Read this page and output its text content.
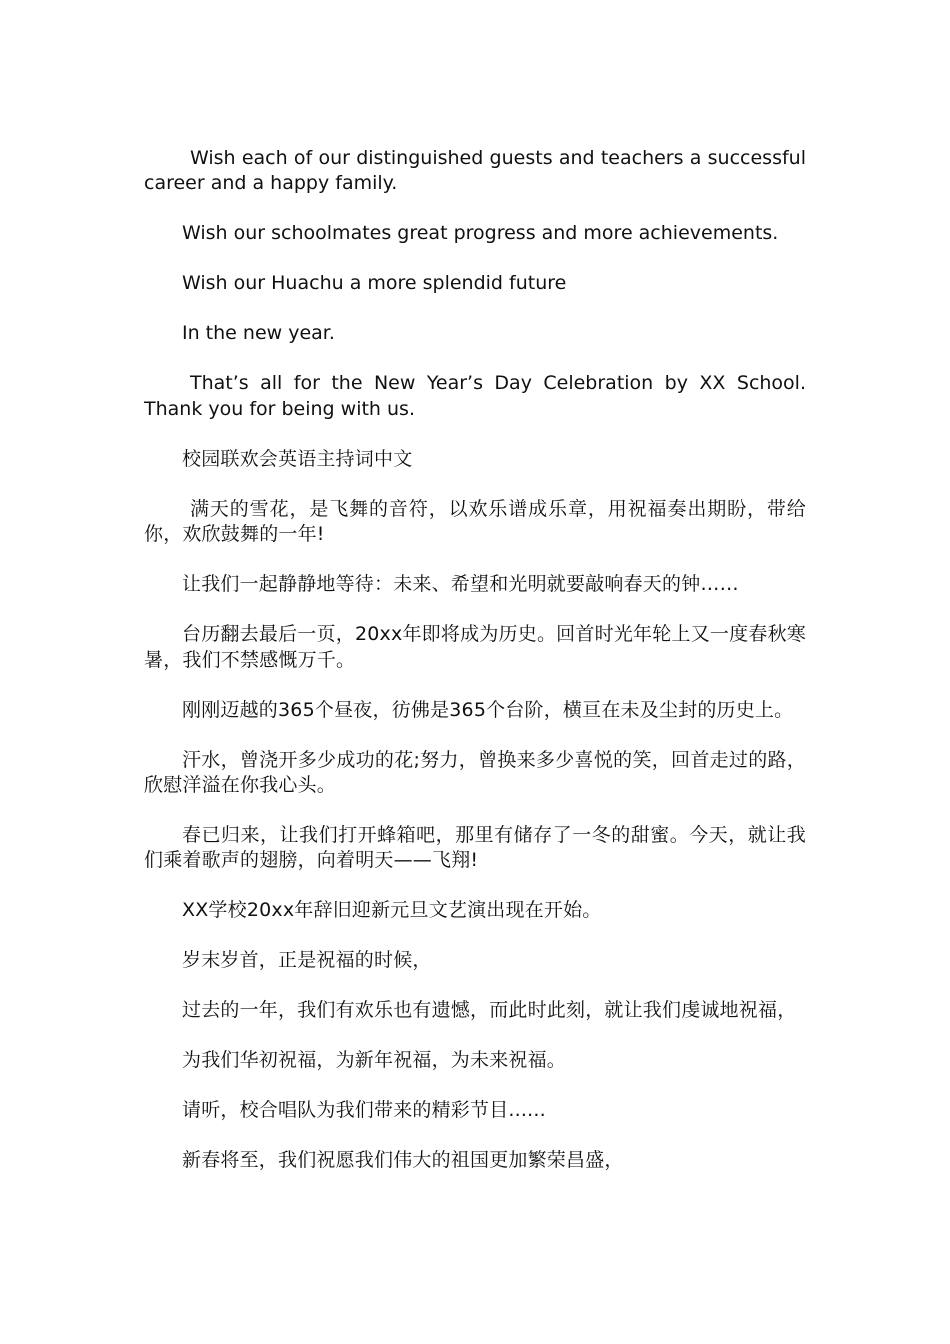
Wish each of our distinguished guests and teachers a successful career and a happy family.

Wish our schoolmates great progress and more achievements.

Wish our Huachu a more splendid future

In the new year.

That’s all for the New Year’s Day Celebration by XX School. Thank you for being with us.

校园联欢会英语主持词中文

满天的雪花，是飞舞的音符，以欢乐谱成乐章，用祝福奏出期盼，带给你，欢欣鼓舞的一年!

让我们一起静静地等待：未来、希望和光明就要敲响春天的钟……

台历翻去最后一页，20xx年即将成为历史。回首时光年轮上又一度春秋寒暑，我们不禁感慨万千。

刚刚迈越的365个昼夜，彷佛是365个台阶，横亘在未及尘封的历史上。

汗水，曾浇开多少成功的花;努力，曾换来多少喜悦的笑，回首走过的路，欣慰洋溢在你我心头。

春已归来，让我们打开蜂箱吧，那里有储存了一冬的甜蜜。今天，就让我们乘着歌声的翅膀，向着明天——飞翔!

XX学校20xx年辞旧迎新元旦文艺演出现在开始。

岁末岁首，正是祝福的时候，

过去的一年，我们有欢乐也有遗憾，而此时此刻，就让我们虔诚地祝福，

为我们华初祝福，为新年祝福，为未来祝福。

请听，校合唱队为我们带来的精彩节目......

新春将至，我们祝愿我们伟大的祖国更加繁荣昌盛，
